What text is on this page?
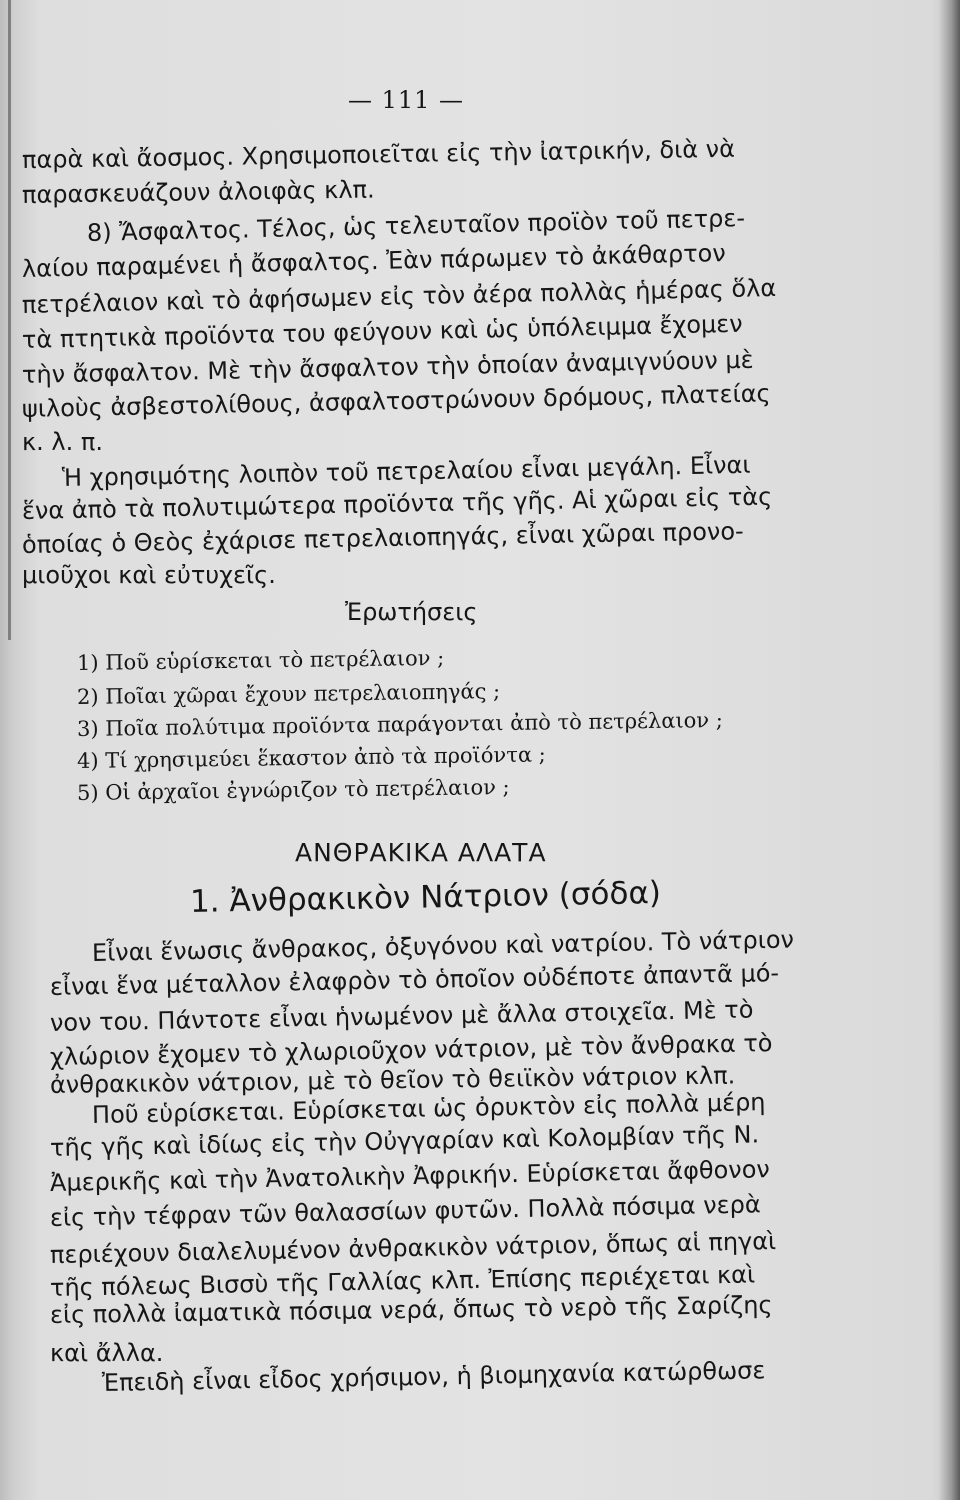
— 111 —
παρὰ καὶ ἄοσμος. Χρησιμοποιεῖται εἰς τὴν ἰατρικήν, διὰ νὰ
παρασκευάζουν ἀλοιφὰς κλπ.
8) Ἄσφαλτος. Τέλος, ὡς τελευταῖον προϊὸν τοῦ πετρε-
λαίου παραμένει ἡ ἄσφαλτος. Ἐὰν πάρωμεν τὸ ἀκάθαρτον
πετρέλαιον καὶ τὸ ἀφήσωμεν εἰς τὸν ἀέρα πολλὰς ἡμέρας ὅλα
τὰ πτητικὰ προϊόντα του φεύγουν καὶ ὡς ὑπόλειμμα ἔχομεν
τὴν ἄσφαλτον. Μὲ τὴν ἄσφαλτον τὴν ὁποίαν ἀναμιγνύουν μὲ
ψιλοὺς ἀσβεστολίθους, ἀσφαλτοστρώνουν δρόμους, πλατείας
κ. λ. π.
Ἡ χρησιμότης λοιπὸν τοῦ πετρελαίου εἶναι μεγάλη. Εἶναι
ἕνα ἀπὸ τὰ πολυτιμώτερα προϊόντα τῆς γῆς. Αἱ χῶραι εἰς τὰς
ὁποίας ὁ Θεὸς ἐχάρισε πετρελαιοπηγάς, εἶναι χῶραι προνο-
μιοῦχοι καὶ εὐτυχεῖς.
Ἐρωτήσεις
1) Ποῦ εὑρίσκεται τὸ πετρέλαιον ;
2) Ποῖαι χῶραι ἔχουν πετρελαιοπηγάς ;
3) Ποῖα πολύτιμα προϊόντα παράγονται ἀπὸ τὸ πετρέλαιον ;
4) Τί χρησιμεύει ἕκαστον ἀπὸ τὰ προϊόντα ;
5) Οἱ ἀρχαῖοι ἐγνώριζον τὸ πετρέλαιον ;
ΑΝΘΡΑΚΙΚΑ ΑΛΑΤΑ
1. Ἀνθρακικὸν Νάτριον (σόδα)
Εἶναι ἕνωσις ἄνθρακος, ὀξυγόνου καὶ νατρίου. Τὸ νάτριον
εἶναι ἕνα μέταλλον ἐλαφρὸν τὸ ὁποῖον οὐδέποτε ἀπαντᾶ μό-
νον του. Πάντοτε εἶναι ἡνωμένον μὲ ἄλλα στοιχεῖα. Μὲ τὸ
χλώριον ἔχομεν τὸ χλωριοῦχον νάτριον, μὲ τὸν ἄνθρακα τὸ
ἀνθρακικὸν νάτριον, μὲ τὸ θεῖον τὸ θειϊκὸν νάτριον κλπ.
Ποῦ εὑρίσκεται. Εὑρίσκεται ὡς ὀρυκτὸν εἰς πολλὰ μέρη
τῆς γῆς καὶ ἰδίως εἰς τὴν Οὐγγαρίαν καὶ Κολομβίαν τῆς Ν.
Ἀμερικῆς καὶ τὴν Ἀνατολικὴν Ἀφρικήν. Εὑρίσκεται ἄφθονον
εἰς τὴν τέφραν τῶν θαλασσίων φυτῶν. Πολλὰ πόσιμα νερὰ
περιέχουν διαλελυμένον ἀνθρακικὸν νάτριον, ὅπως αἱ πηγαὶ
τῆς πόλεως Βισσὺ τῆς Γαλλίας κλπ. Ἐπίσης περιέχεται καὶ
εἰς πολλὰ ἰαματικὰ πόσιμα νερά, ὅπως τὸ νερὸ τῆς Σαρίζης
καὶ ἄλλα.
Ἐπειδὴ εἶναι εἶδος χρήσιμον, ἡ βιομηχανία κατώρθωσε
